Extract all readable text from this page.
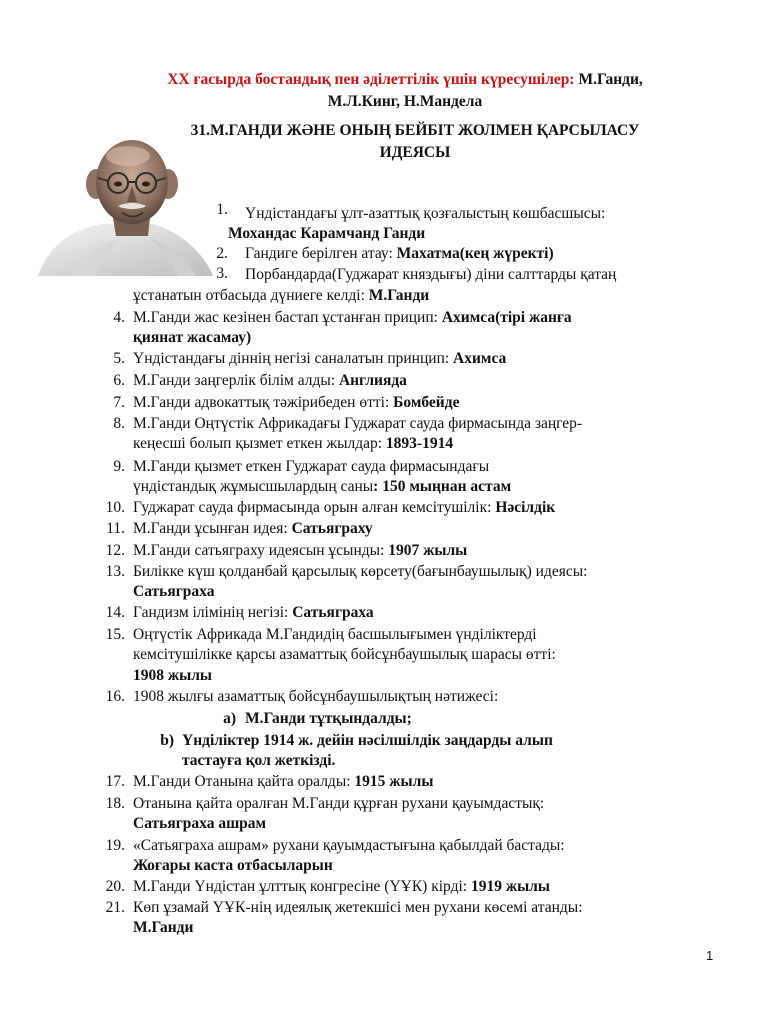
XX ғасырда бостандық пен әділеттілік үшін күресушілер: М.Ганди,
М.Л.Кинг, Н.Мандела
31.М.ГАНДИ ЖӘНЕ ОНЫҢ БЕЙБІТ ЖОЛМЕН ҚАРСЫЛАСУ
ИДЕЯСЫ
1. Үндістандағы ұлт-азаттық қозғалыстың көшбасшысы:
Мохандас Карамчанд Ганди
2. Гандиге берілген атау: Махатма(кең жүректі)
3. Порбандарда(Гуджарат княздығы) діни салттарды қатаң
ұстанатын отбасыда дүниеге келді: М.Ганди
4. М.Ганди жас кезінен бастап ұстанған прицип: Ахимса(тірі жанға
қиянат жасамау)
5. Үндістандағы діннің негізі саналатын принцип: Ахимса
6. М.Ганди заңгерлік білім алды: Англияда
7. М.Ганди адвокаттық тәжірибеден өтті: Бомбейде
8. М.Ганди Оңтүстік Африкадағы Гуджарат сауда фирмасында заңгер-
кеңесші болып қызмет еткен жылдар: 1893-1914
9. М.Ганди қызмет еткен Гуджарат сауда фирмасындағы
үндістандық жұмысшылардың саны: 150 мыңнан астам
10. Гуджарат сауда фирмасында орын алған кемсітушілік: Нәсілдік
11. М.Ганди ұсынған идея: Сатьяграху
12. М.Ганди сатьяграху идеясын ұсынды: 1907 жылы
13. Билікке күш қолданбай қарсылық көрсету(бағынбаушылық) идеясы:
Сатьяграха
14. Гандизм ілімінің негізі: Сатьяграха
15. Оңтүстік Африкада М.Гандидің басшылығымен үнділіктерді
кемсітушілікке қарсы азаматтық бойсұнбаушылық шарасы өтті:
1908 жылы
16. 1908 жылғы азаматтық бойсұнбаушылықтың нәтижесі:
a) М.Ганди тұтқындалды;
b) Үнділіктер 1914 ж. дейін нәсілшілдік заңдарды алып
тастауға қол жеткізді.
17. М.Ганди Отанына қайта оралды: 1915 жылы
18. Отанына қайта оралған М.Ганди құрған рухани қауымдастық:
Сатьяграха ашрам
19. «Сатьяграха ашрам» рухани қауымдастығына қабылдай бастады:
Жоғары каста отбасыларын
20. М.Ганди Үндістан ұлттық конгресіне (ҮҰК) кірді: 1919 жылы
21. Көп ұзамай ҮҰК-нің идеялық жетекшісі мен рухани көсемі атанды:
М.Ганди
1
